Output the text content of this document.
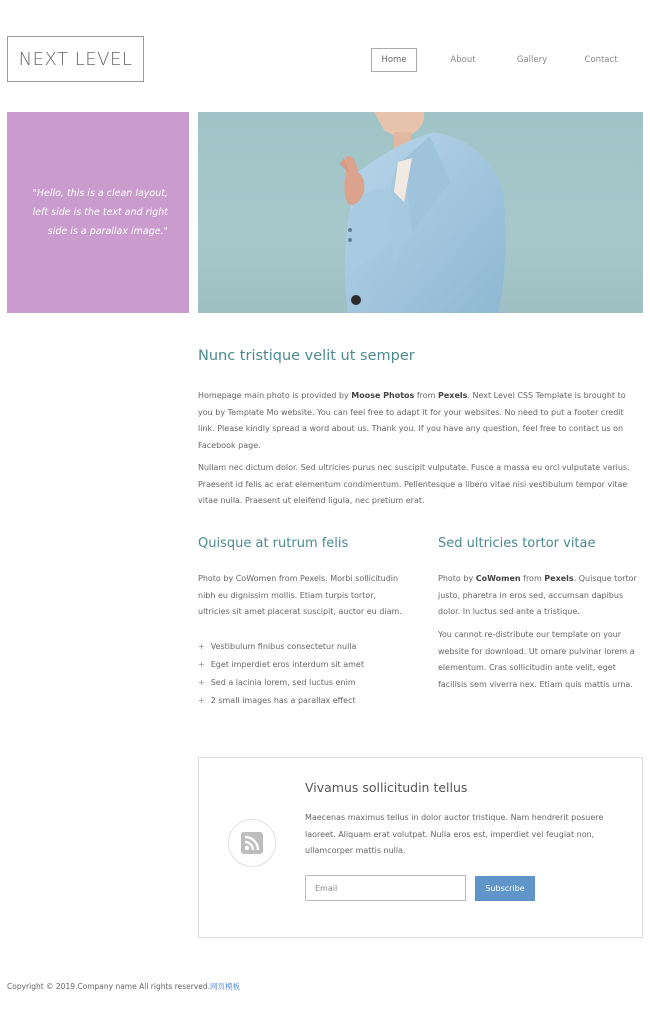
NEXT LEVEL	Home	About	Gallery	Contact

"Hello, this is a clean layout, left side is the text and right side is a parallax image."

Nunc tristique velit ut semper

Homepage main photo is provided by Moose Photos from Pexels. Next Level CSS Template is brought to you by Template Mo website. You can feel free to adapt it for your websites. No need to put a footer credit link. Please kindly spread a word about us. Thank you. If you have any question, feel free to contact us on Facebook page.

Nullam nec dictum dolor. Sed ultricies purus nec suscipit vulputate. Fusce a massa eu orci vulputate varius. Praesent id felis ac erat elementum condimentum. Pellentesque a libero vitae nisi vestibulum tempor vitae vitae nulla. Praesent ut eleifend ligula, nec pretium erat.

Quisque at rutrum felis

Photo by CoWomen from Pexels. Morbi sollicitudin nibh eu dignissim mollis. Etiam turpis tortor, ultricies sit amet placerat suscipit, auctor eu diam.

+ Vestibulum finibus consectetur nulla
+ Eget imperdiet eros interdum sit amet
+ Sed a lacinia lorem, sed luctus enim
+ 2 small images has a parallax effect
Sed ultricies tortor vitae

Photo by CoWomen from Pexels. Quisque tortor justo, pharetra in eros sed, accumsan dapibus dolor. In luctus sed ante a tristique.

You cannot re-distribute our template on your website for download. Ut ornare pulvinar lorem a elementum. Cras sollicitudin ante velit, eget facilisis sem viverra nex. Etiam quis mattis urna.

Vivamus sollicitudin tellus

Maecenas maximus tellus in dolor auctor tristique. Nam hendrerit posuere laoreet. Aliquam erat volutpat. Nulla eros est, imperdiet vel feugiat non, ullamcorper mattis nulla.

Email
Subscribe
Copyright © 2019.Company name All rights reserved.网页模板
